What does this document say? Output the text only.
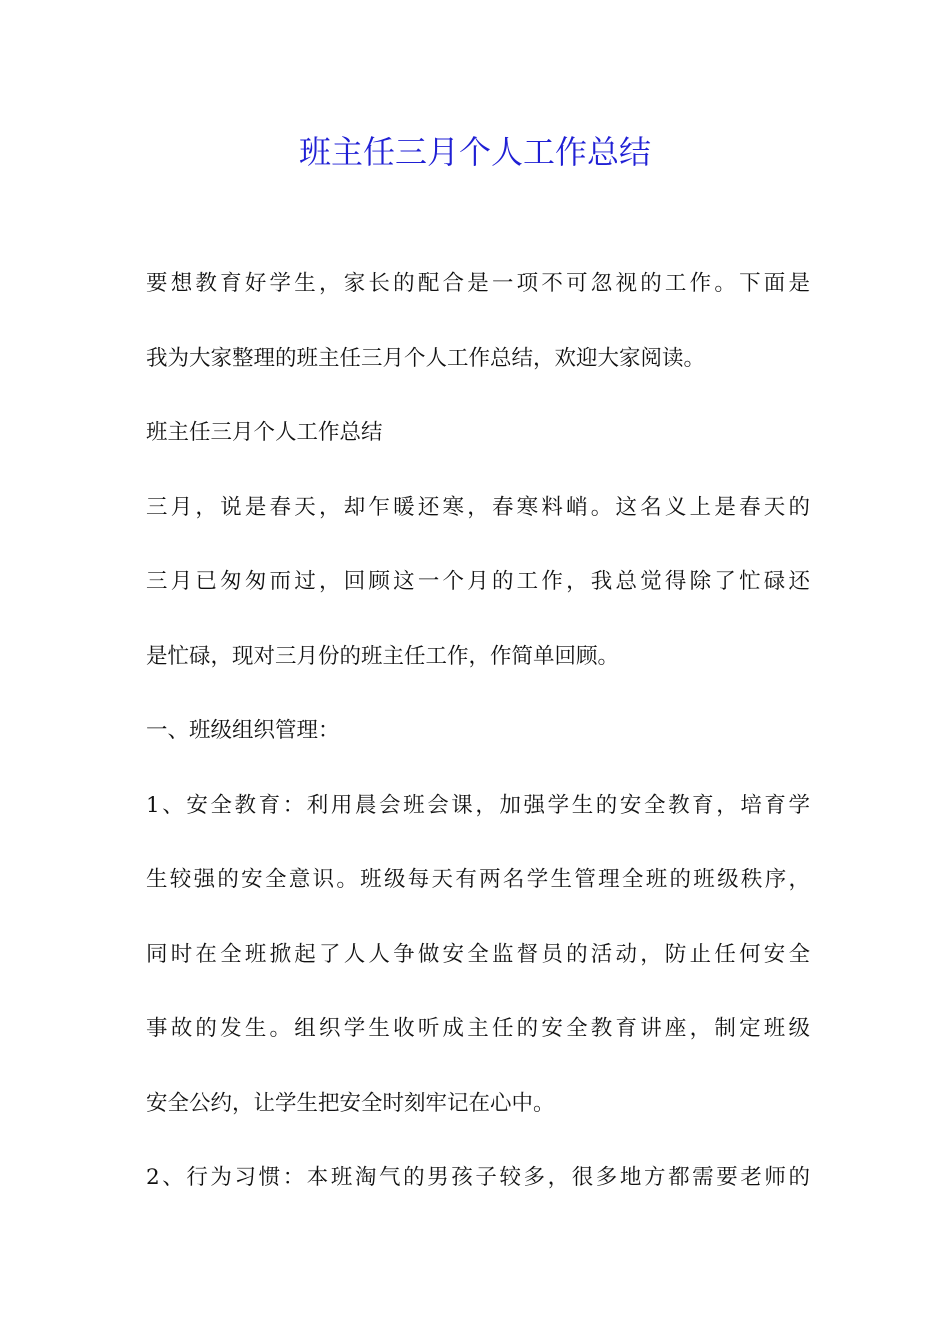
班主任三月个人工作总结
要想教育好学生，家长的配合是一项不可忽视的工作。下面是
我为大家整理的班主任三月个人工作总结，欢迎大家阅读。
班主任三月个人工作总结
三月，说是春天，却乍暖还寒，春寒料峭。这名义上是春天的
三月已匆匆而过，回顾这一个月的工作，我总觉得除了忙碌还
是忙碌，现对三月份的班主任工作，作简单回顾。
一、班级组织管理：
1、安全教育：利用晨会班会课，加强学生的安全教育，培育学
生较强的安全意识。班级每天有两名学生管理全班的班级秩序，
同时在全班掀起了人人争做安全监督员的活动，防止任何安全
事故的发生。组织学生收听成主任的安全教育讲座，制定班级
安全公约，让学生把安全时刻牢记在心中。
2、行为习惯：本班淘气的男孩子较多，很多地方都需要老师的
